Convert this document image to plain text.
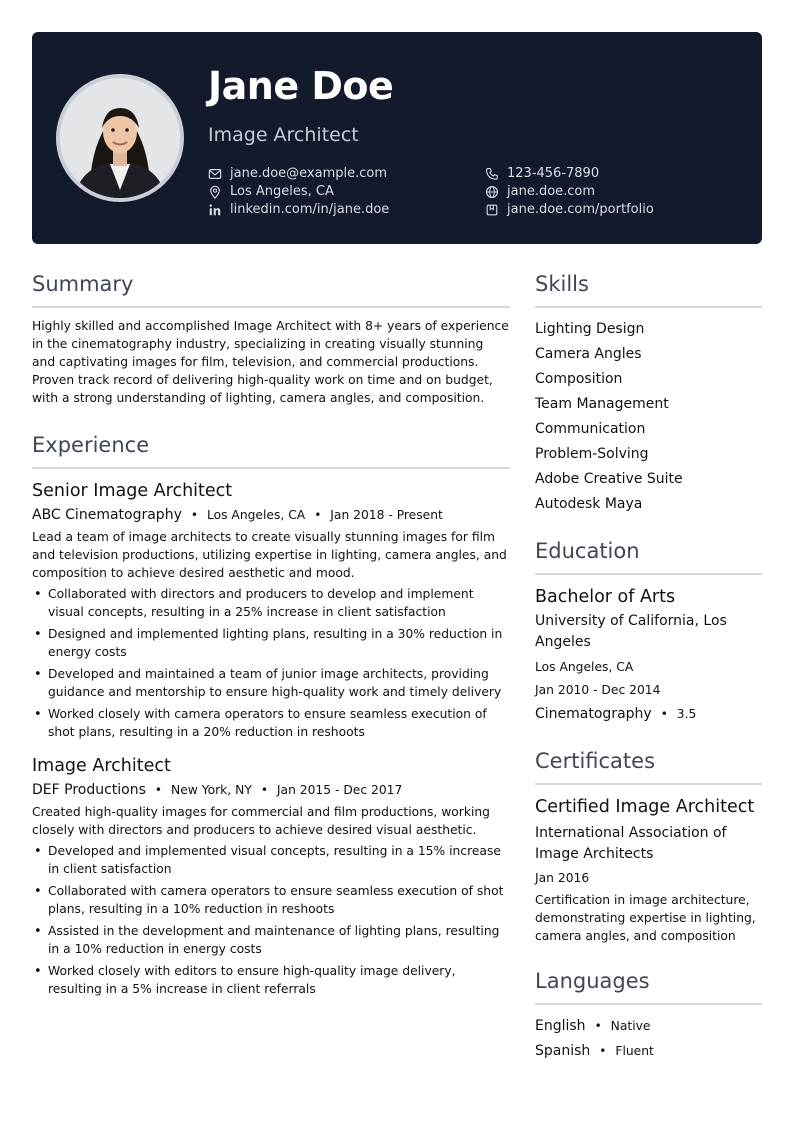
Jane Doe
Image Architect
jane.doe@example.com
Los Angeles, CA
linkedin.com/in/jane.doe
123-456-7890
jane.doe.com
jane.doe.com/portfolio
Summary

Highly skilled and accomplished Image Architect with 8+ years of experience in the cinematography industry, specializing in creating visually stunning and captivating images for film, television, and commercial productions. Proven track record of delivering high-quality work on time and on budget, with a strong understanding of lighting, camera angles, and composition.

Experience
Senior Image Architect
ABC Cinematography • Los Angeles, CA • Jan 2018 - Present

Lead a team of image architects to create visually stunning images for film and television productions, utilizing expertise in lighting, camera angles, and composition to achieve desired aesthetic and mood.

• Collaborated with directors and producers to develop and implement visual concepts, resulting in a 25% increase in client satisfaction
• Designed and implemented lighting plans, resulting in a 30% reduction in energy costs
• Developed and maintained a team of junior image architects, providing guidance and mentorship to ensure high-quality work and timely delivery
• Worked closely with camera operators to ensure seamless execution of shot plans, resulting in a 20% reduction in reshoots
Image Architect
DEF Productions • New York, NY • Jan 2015 - Dec 2017

Created high-quality images for commercial and film productions, working closely with directors and producers to achieve desired visual aesthetic.

• Developed and implemented visual concepts, resulting in a 15% increase in client satisfaction
• Collaborated with camera operators to ensure seamless execution of shot plans, resulting in a 10% reduction in reshoots
• Assisted in the development and maintenance of lighting plans, resulting in a 10% reduction in energy costs
• Worked closely with editors to ensure high-quality image delivery, resulting in a 5% increase in client referrals
Skills
Lighting Design
Camera Angles
Composition
Team Management
Communication
Problem-Solving
Adobe Creative Suite
Autodesk Maya
Education
Bachelor of Arts
University of California, Los Angeles
Los Angeles, CA
Jan 2010 - Dec 2014
Cinematography • 3.5
Certificates
Certified Image Architect
International Association of Image Architects
Jan 2016
Certification in image architecture, demonstrating expertise in lighting, camera angles, and composition
Languages
English • Native
Spanish • Fluent
